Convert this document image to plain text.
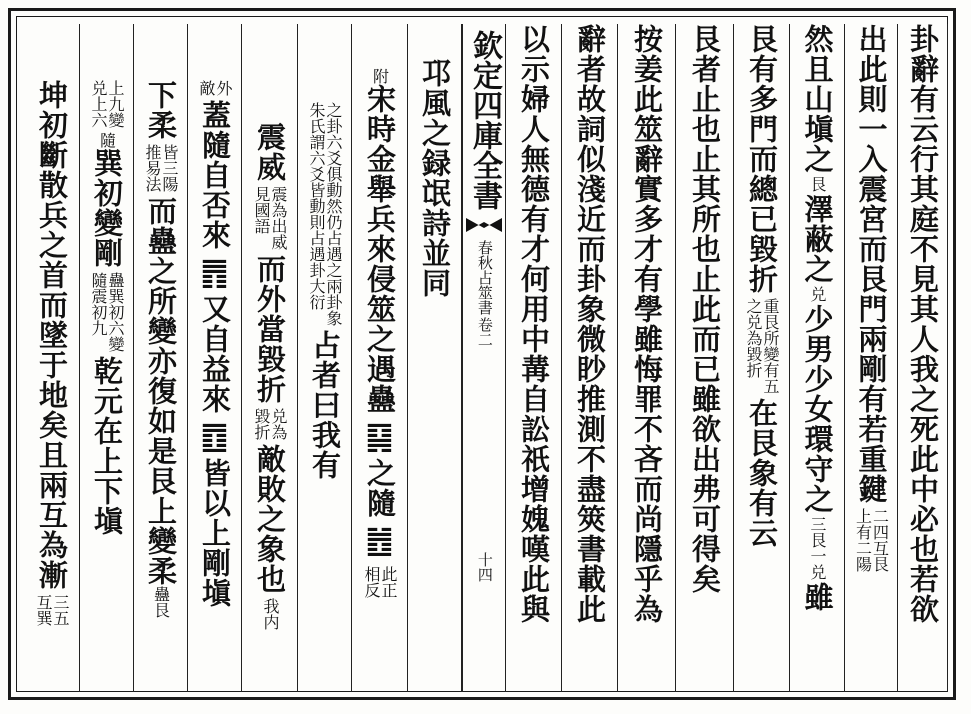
卦辭有云行其庭不見其人我之死此中必也若欲
出此則一入震宮而艮門兩剛有若重鍵
二四互艮
上有二陽
然且山塡之
艮
澤蔽之
兑
少男少女環守之
三艮一兑
雖
艮有多門而總已毀折
重艮所變有五
之兑為毀折
在艮象有云
艮者止也止其所也止此而已雖欲出弗可得矣
按姜此筮辭實多才有學雖悔罪不吝而尚隱乎為
辭者故詞似淺近而卦象微眇推測不盡筴書載此
以示婦人無德有才何用中冓自訟祇增媿嘆此與
欽定四庫全書
春秋占筮書
卷二
十四
邛風之録氓詩並同
附
宋時金舉兵來侵筮之遇蠱
䷑
之隨
䷐
此正
相反
之卦六爻俱動然仍占遇之兩卦象
朱氏謂六爻皆動則占遇卦大衍
占者曰我有
震威
震為出威
見國語
而外當毀折
兑為
毀折
敵敗之象也
我内
外
敵
蓋隨自否來
䷋
又自益來
䷩
皆以上剛塡
下柔
皆三陽
推易法
而蠱之所變亦復如是艮上變柔
蠱艮
上九變
兑上六
隨
巽初變剛
蠱巽初六變
隨震初九
乾元在上下塡
坤初斷散兵之首而墜于地矣且兩互為漸
三五
互巽
